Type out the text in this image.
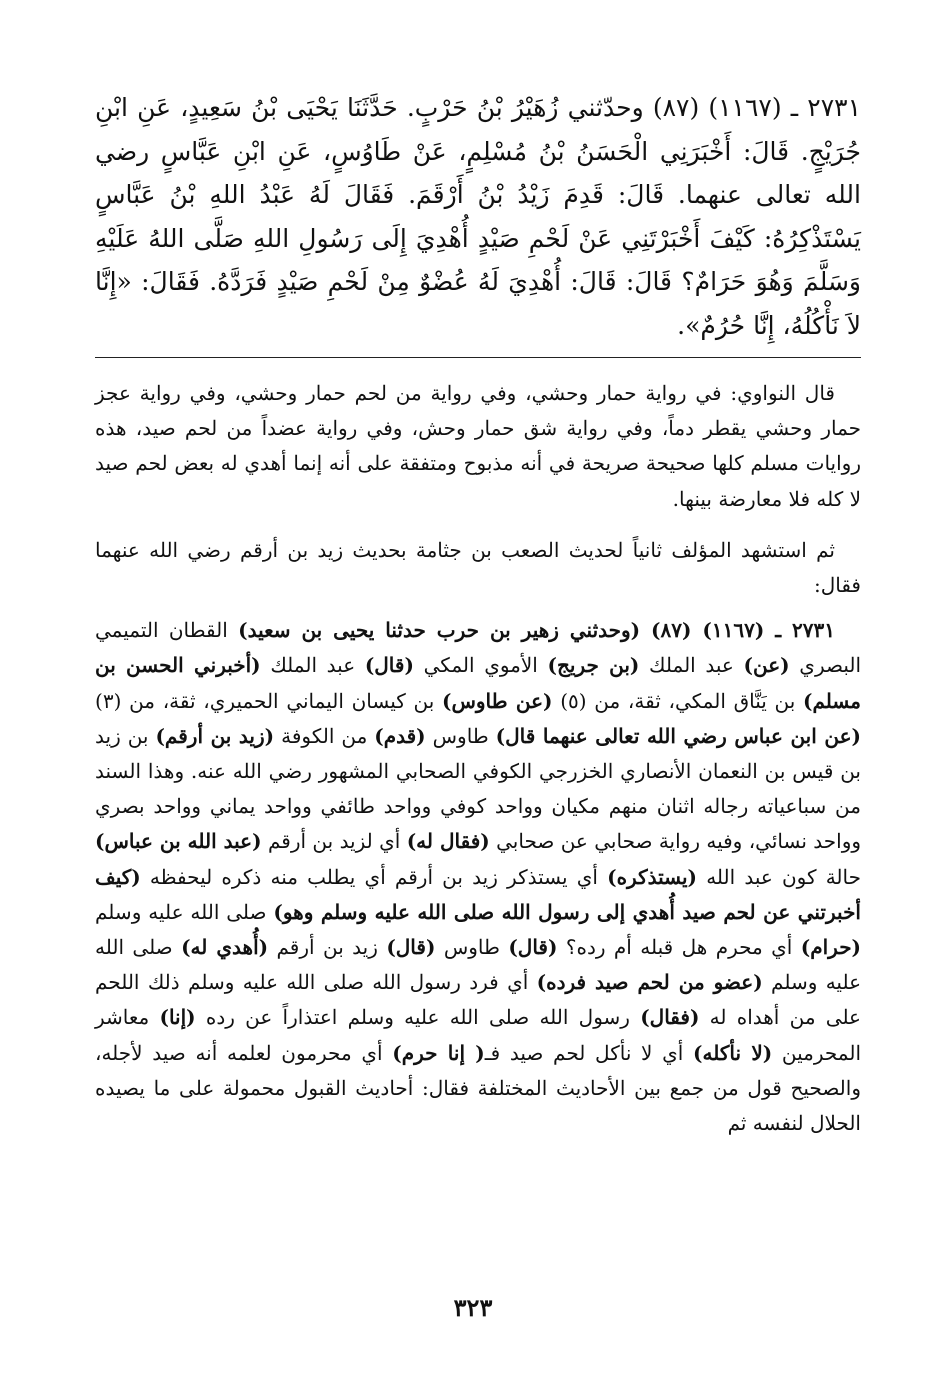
٢٧٣١ ـ (١١٦٧) (٨٧) وحدّثني زُهَيْرُ بْنُ حَرْبٍ. حَدَّثَنَا يَحْيَى بْنُ سَعِيدٍ، عَنِ ابْنِ جُرَيْجٍ. قَالَ: أَخْبَرَنِي الْحَسَنُ بْنُ مُسْلِمٍ، عَنْ طَاوُسٍ، عَنِ ابْنِ عَبَّاسٍ رضي الله تعالى عنهما. قَالَ: قَدِمَ زَيْدُ بْنُ أَرْقَمَ. فَقَالَ لَهُ عَبْدُ اللهِ بْنُ عَبَّاسٍ يَسْتَذْكِرُهُ: كَيْفَ أَخْبَرْتَنِي عَنْ لَحْمِ صَيْدٍ أُهْدِيَ إِلَى رَسُولِ اللهِ صَلَّى اللهُ عَلَيْهِ وَسَلَّمَ وَهُوَ حَرَامٌ؟ قَالَ: قَالَ: أُهْدِيَ لَهُ عُضْوٌ مِنْ لَحْمِ صَيْدٍ فَرَدَّهُ. فَقَالَ: «إِنَّا لاَ نَأْكُلُهُ، إِنَّا حُرُمٌ».

قال النواوي: في رواية حمار وحشي، وفي رواية من لحم حمار وحشي، وفي رواية عجز حمار وحشي يقطر دماً، وفي رواية شق حمار وحش، وفي رواية عضداً من لحم صيد، هذه روايات مسلم كلها صحيحة صريحة في أنه مذبوح ومتفقة على أنه إنما أهدي له بعض لحم صيد لا كله فلا معارضة بينها.

ثم استشهد المؤلف ثانياً لحديث الصعب بن جثامة بحديث زيد بن أرقم رضي الله عنهما فقال:

٢٧٣١ ـ (١١٦٧) (٨٧) (وحدثني زهير بن حرب حدثنا يحيى بن سعيد) القطان التميمي البصري (عن) عبد الملك (بن جريج) الأموي المكي (قال) عبد الملك (أخبرني الحسن بن مسلم) بن يَنَّاق المكي، ثقة، من (٥) (عن طاوس) بن كيسان اليماني الحميري، ثقة، من (٣) (عن ابن عباس رضي الله تعالى عنهما قال) طاوس (قدم) من الكوفة (زيد بن أرقم) بن زيد بن قيس بن النعمان الأنصاري الخزرجي الكوفي الصحابي المشهور رضي الله عنه. وهذا السند من سباعياته رجاله اثنان منهم مكيان وواحد كوفي وواحد طائفي وواحد يماني وواحد بصري وواحد نسائي، وفيه رواية صحابي عن صحابي (فقال له) أي لزيد بن أرقم (عبد الله بن عباس) حالة كون عبد الله (يستذكره) أي يستذكر زيد بن أرقم أي يطلب منه ذكره ليحفظه (كيف أخبرتني عن لحم صيد أُهدي إلى رسول الله صلى الله عليه وسلم وهو) صلى الله عليه وسلم (حرام) أي محرم هل قبله أم رده؟ (قال) طاوس (قال) زيد بن أرقم (أُهدي له) صلى الله عليه وسلم (عضو من لحم صيد فرده) أي فرد رسول الله صلى الله عليه وسلم ذلك اللحم على من أهداه له (فقال) رسول الله صلى الله عليه وسلم اعتذاراً عن رده (إنا) معاشر المحرمين (لا نأكله) أي لا نأكل لحم صيد فـ( إنا حرم) أي محرمون لعلمه أنه صيد لأجله، والصحيح قول من جمع بين الأحاديث المختلفة فقال: أحاديث القبول محمولة على ما يصيده الحلال لنفسه ثم

٣٢٣
